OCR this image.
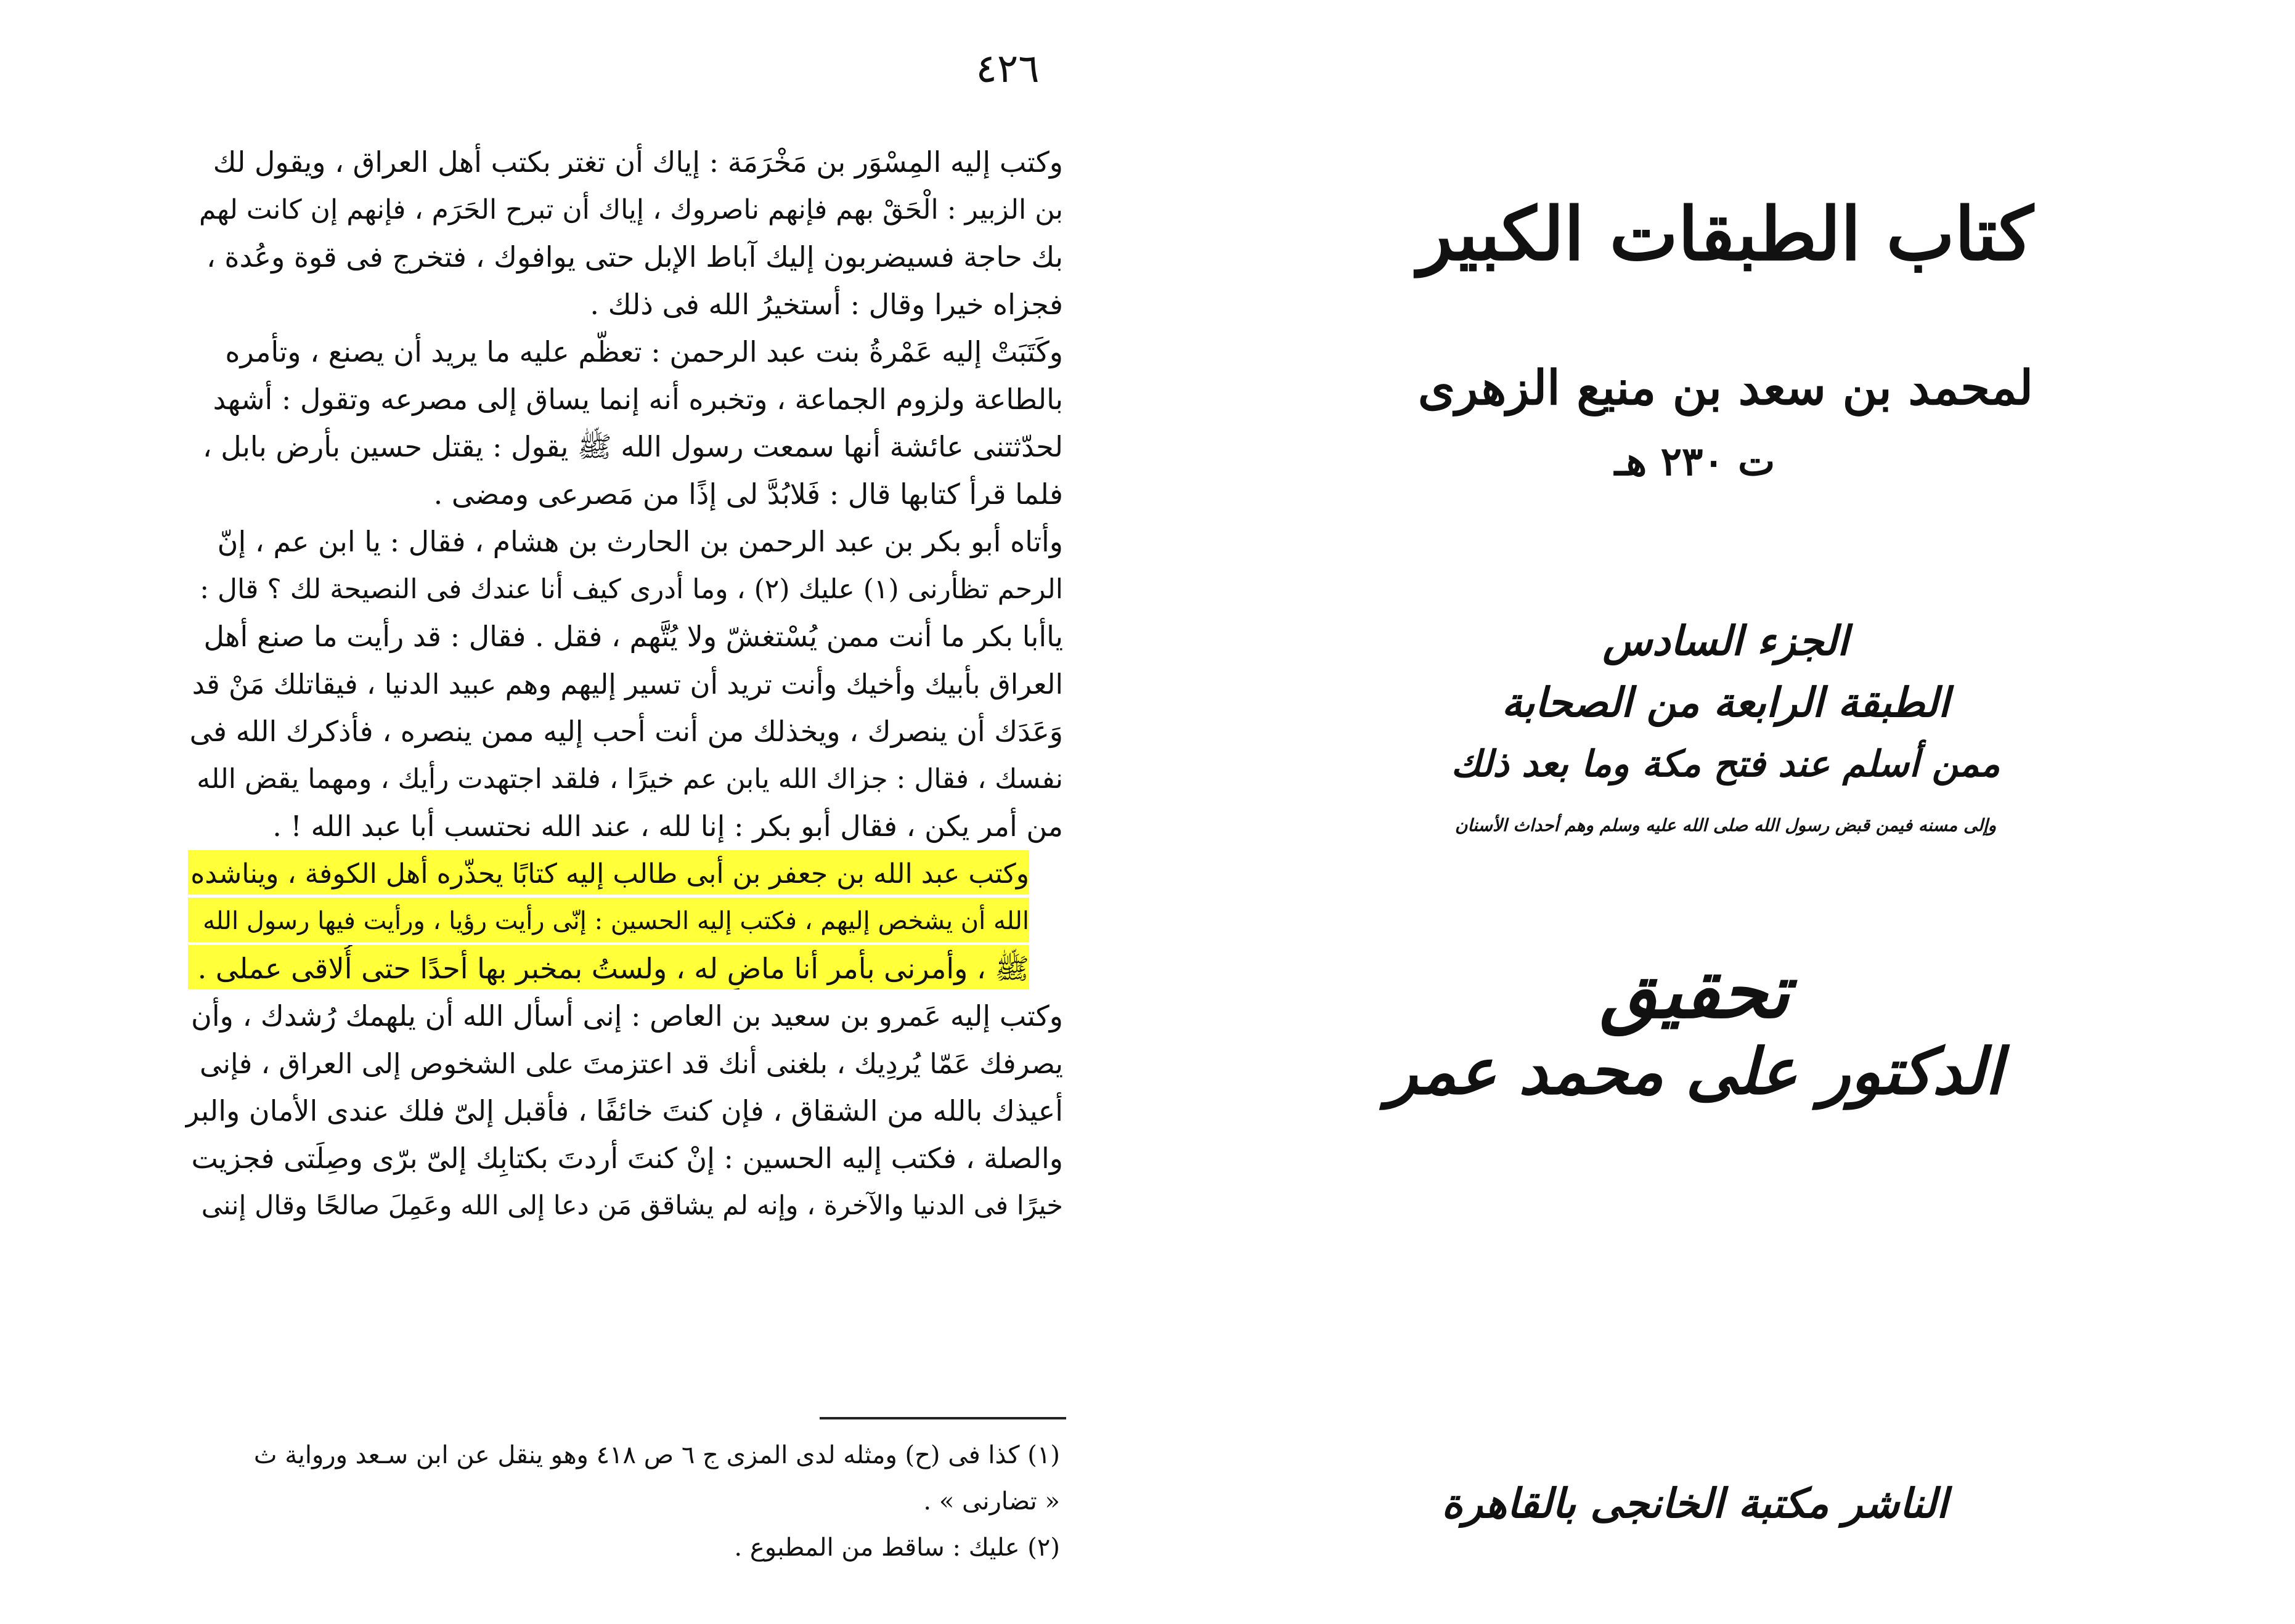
٤٢٦
وكتب إليه المِسْوَر بن مَخْرَمَة : إياك أن تغتر بكتب أهل العراق ، ويقول لك
بن الزبير : الْحَقْ بهم فإنهم ناصروك ، إياك أن تبرح الحَرَم ، فإنهم إن كانت لهم
بك حاجة فسيضربون إليك آباط الإبل حتى يوافوك ، فتخرج فى قوة وعُدة ،
فجزاه خيرا وقال : أستخيرُ الله فى ذلك .
وكَتَبَتْ إليه عَمْرةُ بنت عبد الرحمن : تعظّم عليه ما يريد أن يصنع ، وتأمره
بالطاعة ولزوم الجماعة ، وتخبره أنه إنما يساق إلى مصرعه وتقول : أشهد
لحدّثتنى عائشة أنها سمعت رسول الله ﷺ يقول : يقتل حسين بأرض بابل ،
فلما قرأ كتابها قال : فَلابُدَّ لى إذًا من مَصرعى ومضى .
وأتاه أبو بكر بن عبد الرحمن بن الحارث بن هشام ، فقال : يا ابن عم ، إنّ
الرحم تظأرنى (١) عليك (٢) ، وما أدرى كيف أنا عندك فى النصيحة لك ؟ قال :
ياأبا بكر ما أنت ممن يُسْتغشّ ولا يُتَّهم ، فقل . فقال : قد رأيت ما صنع أهل
العراق بأبيك وأخيك وأنت تريد أن تسير إليهم وهم عبيد الدنيا ، فيقاتلك مَنْ قد
وَعَدَك أن ينصرك ، ويخذلك من أنت أحب إليه ممن ينصره ، فأذكرك الله فى
نفسك ، فقال : جزاك الله يابن عم خيرًا ، فلقد اجتهدت رأيك ، ومهما يقض الله
من أمر يكن ، فقال أبو بكر : إنا لله ، عند الله نحتسب أبا عبد الله ! .
وكتب عبد الله بن جعفر بن أبى طالب إليه كتابًا يحذّره أهل الكوفة ، ويناشده
الله أن يشخص إليهم ، فكتب إليه الحسين : إنّى رأيت رؤيا ، ورأيت فيها رسول الله
ﷺ ، وأمرنى بأمر أنا ماضٍ له ، ولستُ بمخبر بها أحدًا حتى أُلاقى عملى .
وكتب إليه عَمرو بن سعيد بن العاص : إنى أسأل الله أن يلهمك رُشدك ، وأن
يصرفك عَمّا يُردِيك ، بلغنى أنك قد اعتزمتَ على الشخوص إلى العراق ، فإنى
أعيذك بالله من الشقاق ، فإن كنتَ خائفًا ، فأقبل إلىّ فلك عندى الأمان والبر
والصلة ، فكتب إليه الحسين : إنْ كنتَ أردتَ بكتابِك إلىّ برّى وصِلَتى فجزيت
خيرًا فى الدنيا والآخرة ، وإنه لم يشاقق مَن دعا إلى الله وعَمِلَ صالحًا وقال إننى
(١) كذا فى (ح) ومثله لدى المزى ج ٦ ص ٤١٨ وهو ينقل عن ابن سـعد ورواية ث
« تضارنى » .
(٢) عليك : ساقط من المطبوع .
كتاب الطبقات الكبير
لمحمد بن سعد بن منيع الزهرى
ت ٢٣٠ هـ
الجزء السادس
الطبقة الرابعة من الصحابة
ممن أسلم عند فتح مكة وما بعد ذلك
وإلى مسنه فيمن قبض رسول الله صلى الله عليه وسلم وهم أحداث الأسنان
تحقيق
الدكتور على محمد عمر
الناشر مكتبة الخانجى بالقاهرة
